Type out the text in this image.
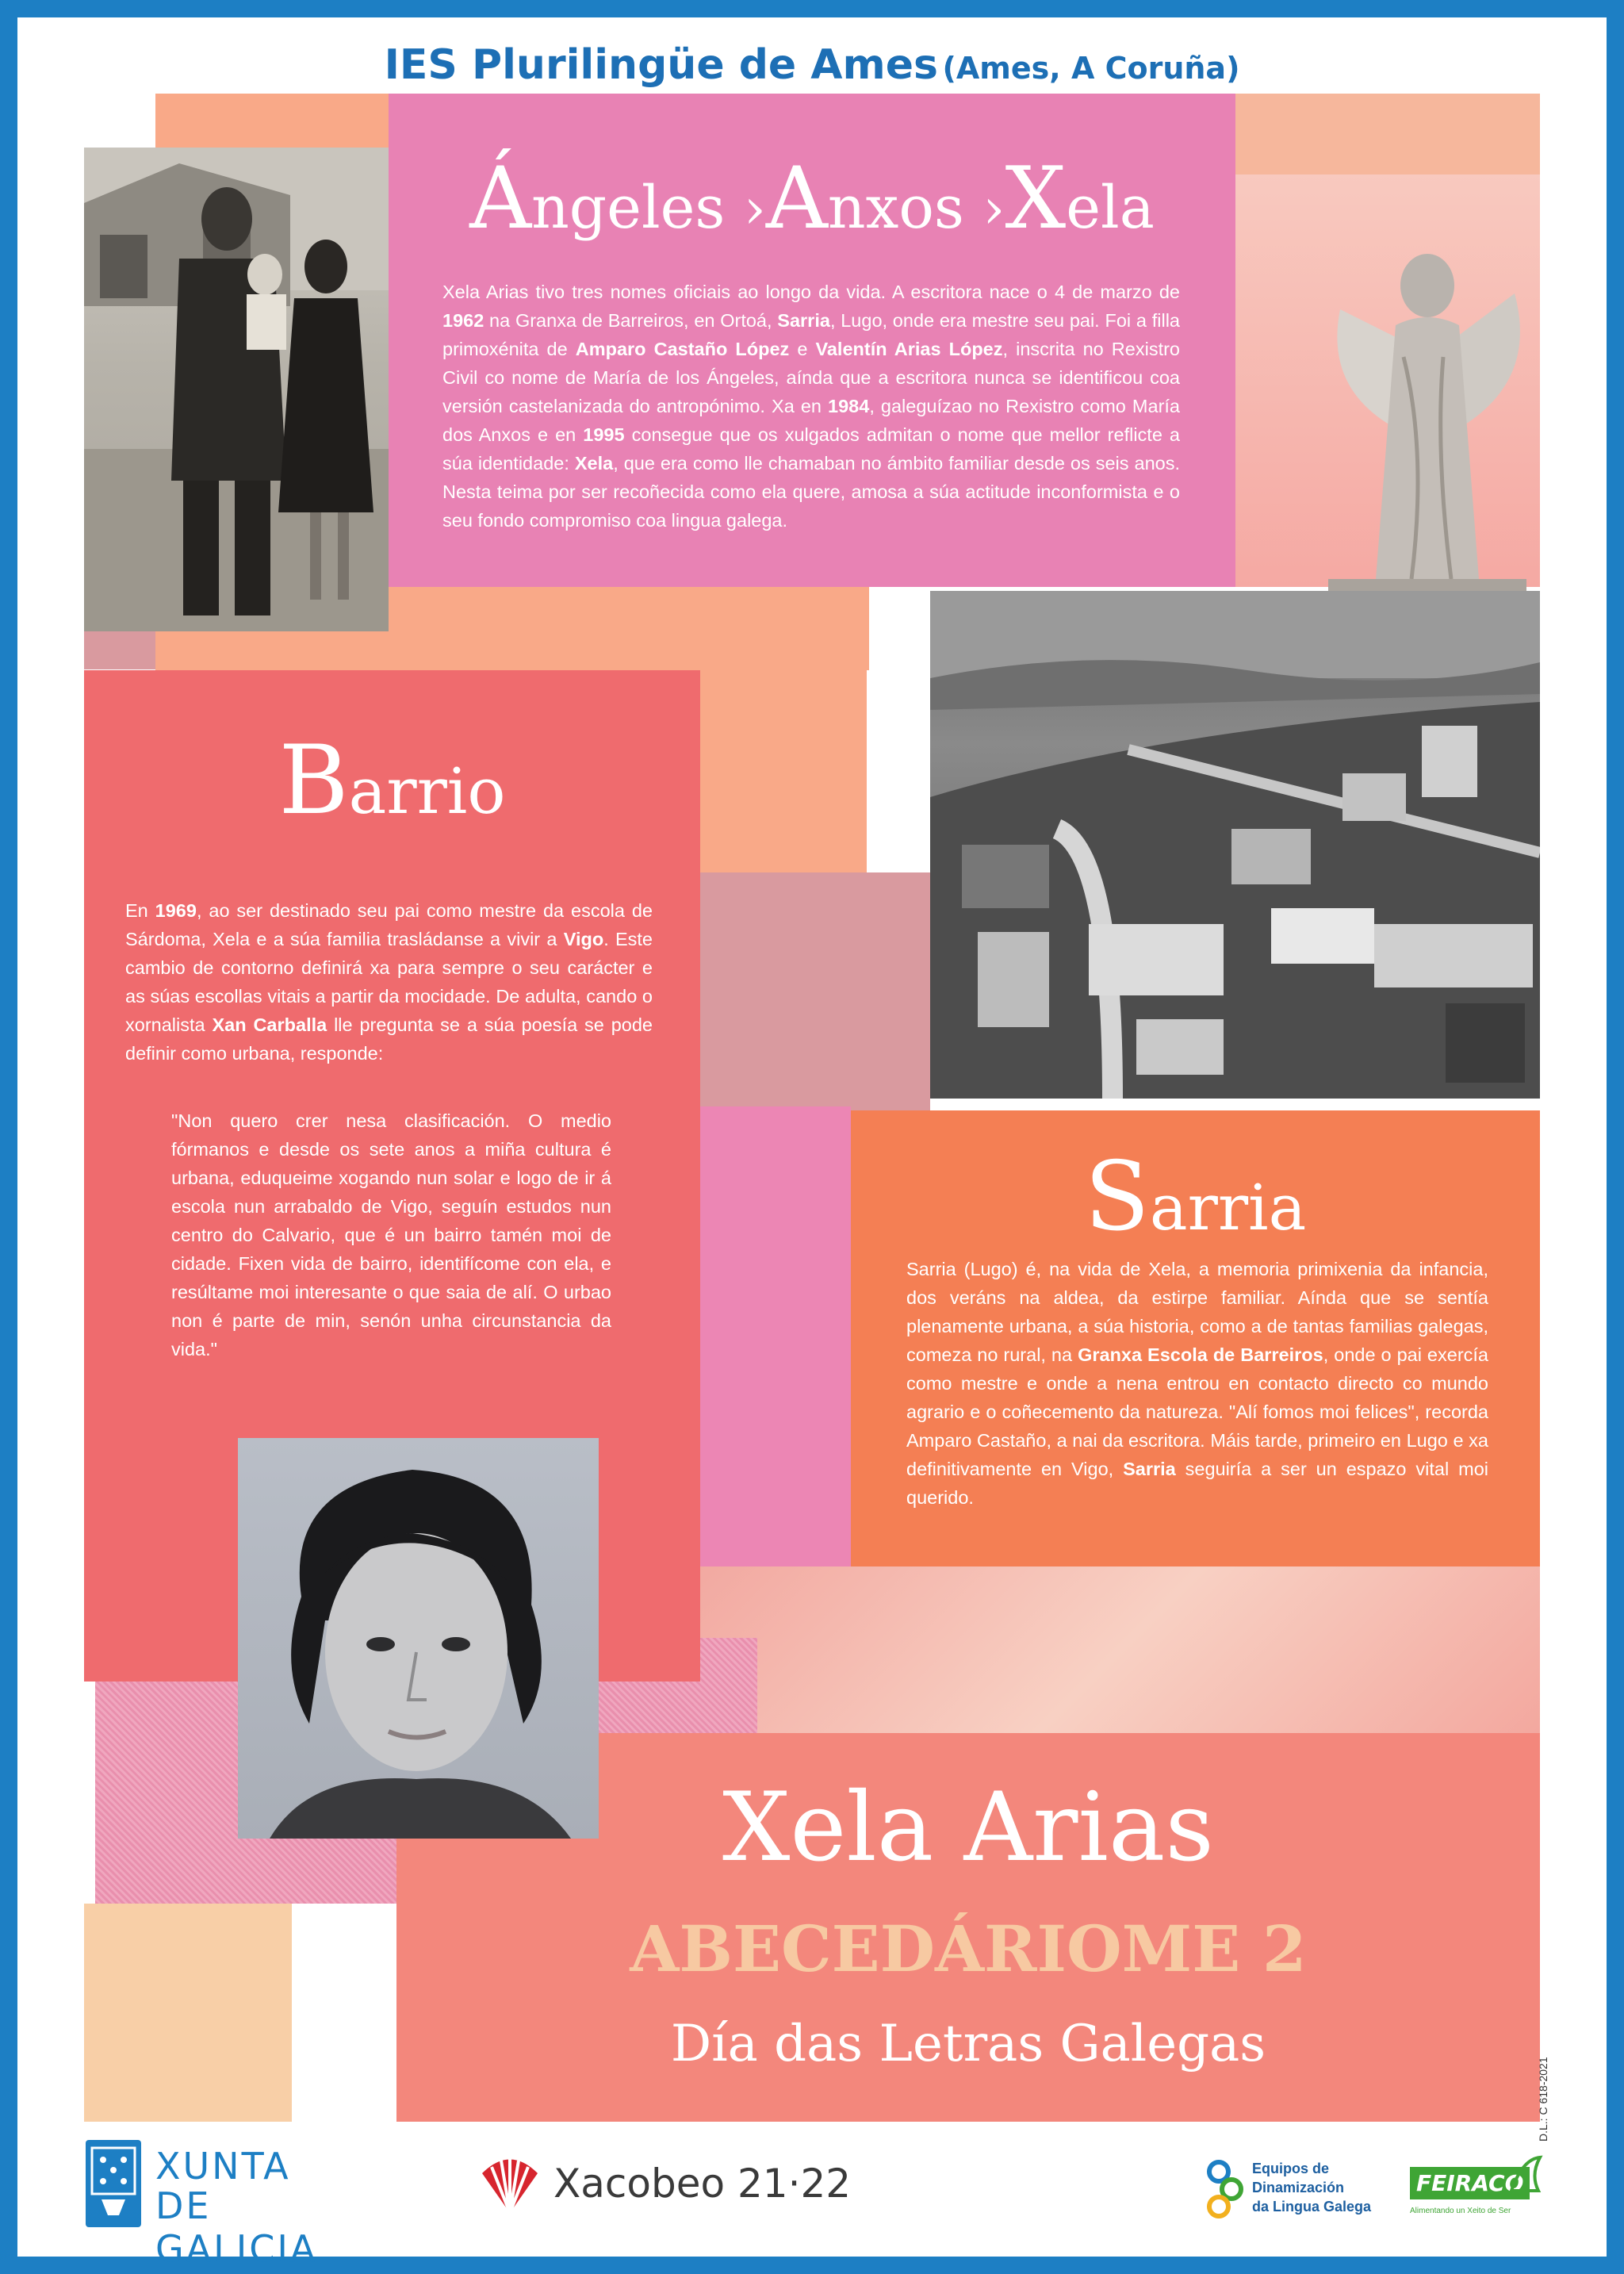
IES Plurilingüe de Ames (Ames, A Coruña)
Ángeles ›Anxos ›Xela
Xela Arias tivo tres nomes oficiais ao longo da vida. A escritora nace o 4 de marzo de 1962 na Granxa de Barreiros, en Ortoá, Sarria, Lugo, onde era mestre seu pai. Foi a filla primoxénita de Amparo Castaño López e Valentín Arias López, inscrita no Rexistro Civil co nome de María de los Ángeles, aínda que a escritora nunca se identificou coa versión castelanizada do antropónimo. Xa en 1984, galeguízao no Rexistro como María dos Anxos e en 1995 consegue que os xulgados admitan o nome que mellor reflicte a súa identidade: Xela, que era como lle chamaban no ámbito familiar desde os seis anos. Nesta teima por ser recoñecida como ela quere, amosa a súa actitude inconformista e o seu fondo compromiso coa lingua galega.
Barrio
En 1969, ao ser destinado seu pai como mestre da escola de Sárdoma, Xela e a súa familia trasládanse a vivir a Vigo. Este cambio de contorno definirá xa para sempre o seu carácter e as súas escollas vitais a partir da mocidade. De adulta, cando o xornalista Xan Carballa lle pregunta se a súa poesía se pode definir como urbana, responde:
"Non quero crer nesa clasificación. O medio fórmanos e desde os sete anos a miña cultura é urbana, eduqueime xogando nun solar e logo de ir á escola nun arrabaldo de Vigo, seguín estudos nun centro do Calvario, que é un bairro tamén moi de cidade. Fixen vida de bairro, identifícome con ela, e resúltame moi interesante o que saia de alí. O urbao non é parte de min, senón unha circunstancia da vida."
Sarria
Sarria (Lugo) é, na vida de Xela, a memoria primixenia da infancia, dos veráns na aldea, da estirpe familiar. Aínda que se sentía plenamente urbana, a súa historia, como a de tantas familias galegas, comeza no rural, na Granxa Escola de Barreiros, onde o pai exercía como mestre e onde a nena entrou en contacto directo co mundo agrario e o coñecemento da natureza. "Alí fomos moi felices", recorda Amparo Castaño, a nai da escritora. Máis tarde, primeiro en Lugo e xa definitivamente en Vigo, Sarria seguiría a ser un espazo vital moi querido.
Xela Arias
ABECEDÁRIOME 2
Día das Letras Galegas
D.L.: C 618-2021
XUNTA
DE GALICIA
Xacobeo 21·22	Equipos de
Dinamización
da Lingua Galega
FEIRACO
Alimentando un Xeito de Ser
